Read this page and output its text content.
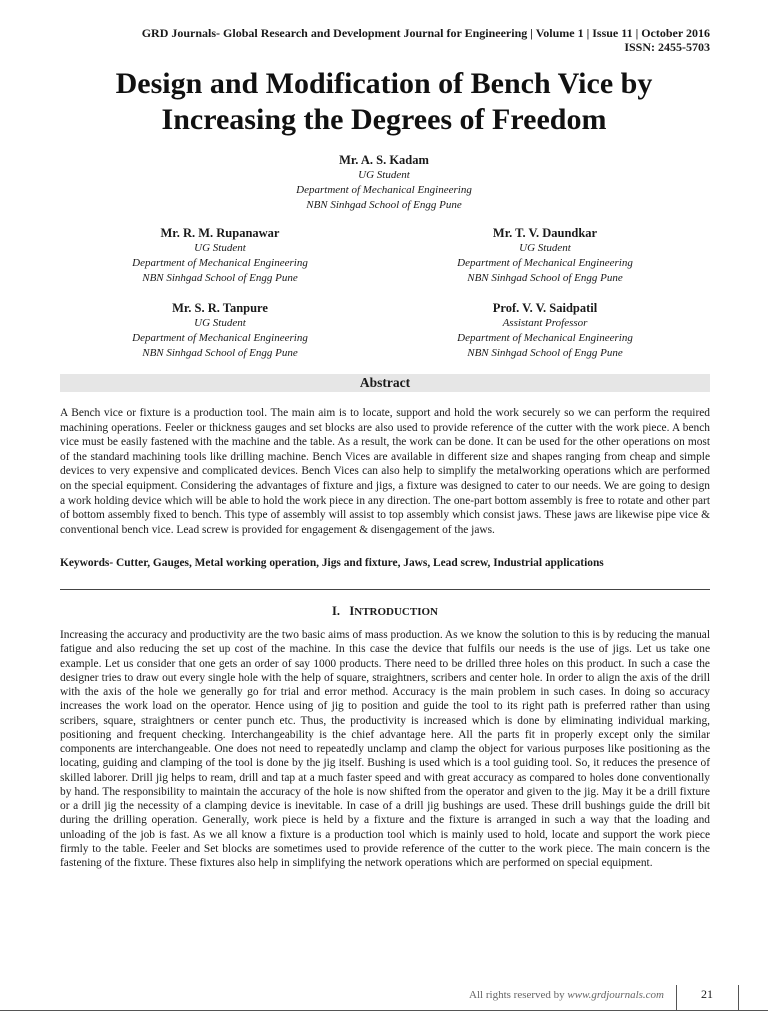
GRD Journals- Global Research and Development Journal for Engineering | Volume 1 | Issue 11 | October 2016
ISSN: 2455-5703
Design and Modification of Bench Vice by
Increasing the Degrees of Freedom
Mr. A. S. Kadam
UG Student
Department of Mechanical Engineering
NBN Sinhgad School of Engg Pune
Mr. R. M. Rupanawar
UG Student
Department of Mechanical Engineering
NBN Sinhgad School of Engg Pune
Mr. T. V. Daundkar
UG Student
Department of Mechanical Engineering
NBN Sinhgad School of Engg Pune
Mr. S. R. Tanpure
UG Student
Department of Mechanical Engineering
NBN Sinhgad School of Engg Pune
Prof. V. V. Saidpatil
Assistant Professor
Department of Mechanical Engineering
NBN Sinhgad School of Engg Pune
Abstract

A Bench vice or fixture is a production tool. The main aim is to locate, support and hold the work securely so we can perform the required machining operations. Feeler or thickness gauges and set blocks are also used to provide reference of the cutter with the work piece. A bench vice must be easily fastened with the machine and the table. As a result, the work can be done. It can be used for the other operations on most of the standard machining tools like drilling machine. Bench Vices are available in different size and shapes ranging from cheap and simple devices to very expensive and complicated devices. Bench Vices can also help to simplify the metalworking operations which are performed on the special equipment. Considering the advantages of fixture and jigs, a fixture was designed to cater to our needs. We are going to design a work holding device which will be able to hold the work piece in any direction. The one-part bottom assembly is free to rotate and other part of bottom assembly fixed to bench. This type of assembly will assist to top assembly which consist jaws. These jaws are likewise pipe vice & conventional bench vice. Lead screw is provided for engagement & disengagement of the jaws.

Keywords- Cutter, Gauges, Metal working operation, Jigs and fixture, Jaws, Lead screw, Industrial applications
I. INTRODUCTION

Increasing the accuracy and productivity are the two basic aims of mass production. As we know the solution to this is by reducing the manual fatigue and also reducing the set up cost of the machine. In this case the device that fulfils our needs is the use of jigs. Let us take one example. Let us consider that one gets an order of say 1000 products. There need to be drilled three holes on this product. In such a case the designer tries to draw out every single hole with the help of square, straightners, scribers and center hole. In order to align the axis of the drill with the axis of the hole we generally go for trial and error method. Accuracy is the main problem in such cases. In doing so accuracy increases the work load on the operator. Hence using of jig to position and guide the tool to its right path is preferred rather than using scribers, square, straightners or center punch etc. Thus, the productivity is increased which is done by eliminating individual marking, positioning and frequent checking. Interchangeability is the chief advantage here. All the parts fit in properly except only the similar components are interchangeable. One does not need to repeatedly unclamp and clamp the object for various purposes like positioning as the locating, guiding and clamping of the tool is done by the jig itself. Bushing is used which is a tool guiding tool. So, it reduces the presence of skilled laborer. Drill jig helps to ream, drill and tap at a much faster speed and with great accuracy as compared to holes done conventionally by hand. The responsibility to maintain the accuracy of the hole is now shifted from the operator and given to the jig. May it be a drill fixture or a drill jig the necessity of a clamping device is inevitable. In case of a drill jig bushings are used. These drill bushings guide the drill bit during the drilling operation. Generally, work piece is held by a fixture and the fixture is arranged in such a way that the loading and unloading of the job is fast. As we all know a fixture is a production tool which is mainly used to hold, locate and support the work piece firmly to the table. Feeler and Set blocks are sometimes used to provide reference of the cutter to the work piece. The main concern is the fastening of the fixture. These fixtures also help in simplifying the network operations which are performed on special equipment.

All rights reserved by www.grdjournals.com	21
